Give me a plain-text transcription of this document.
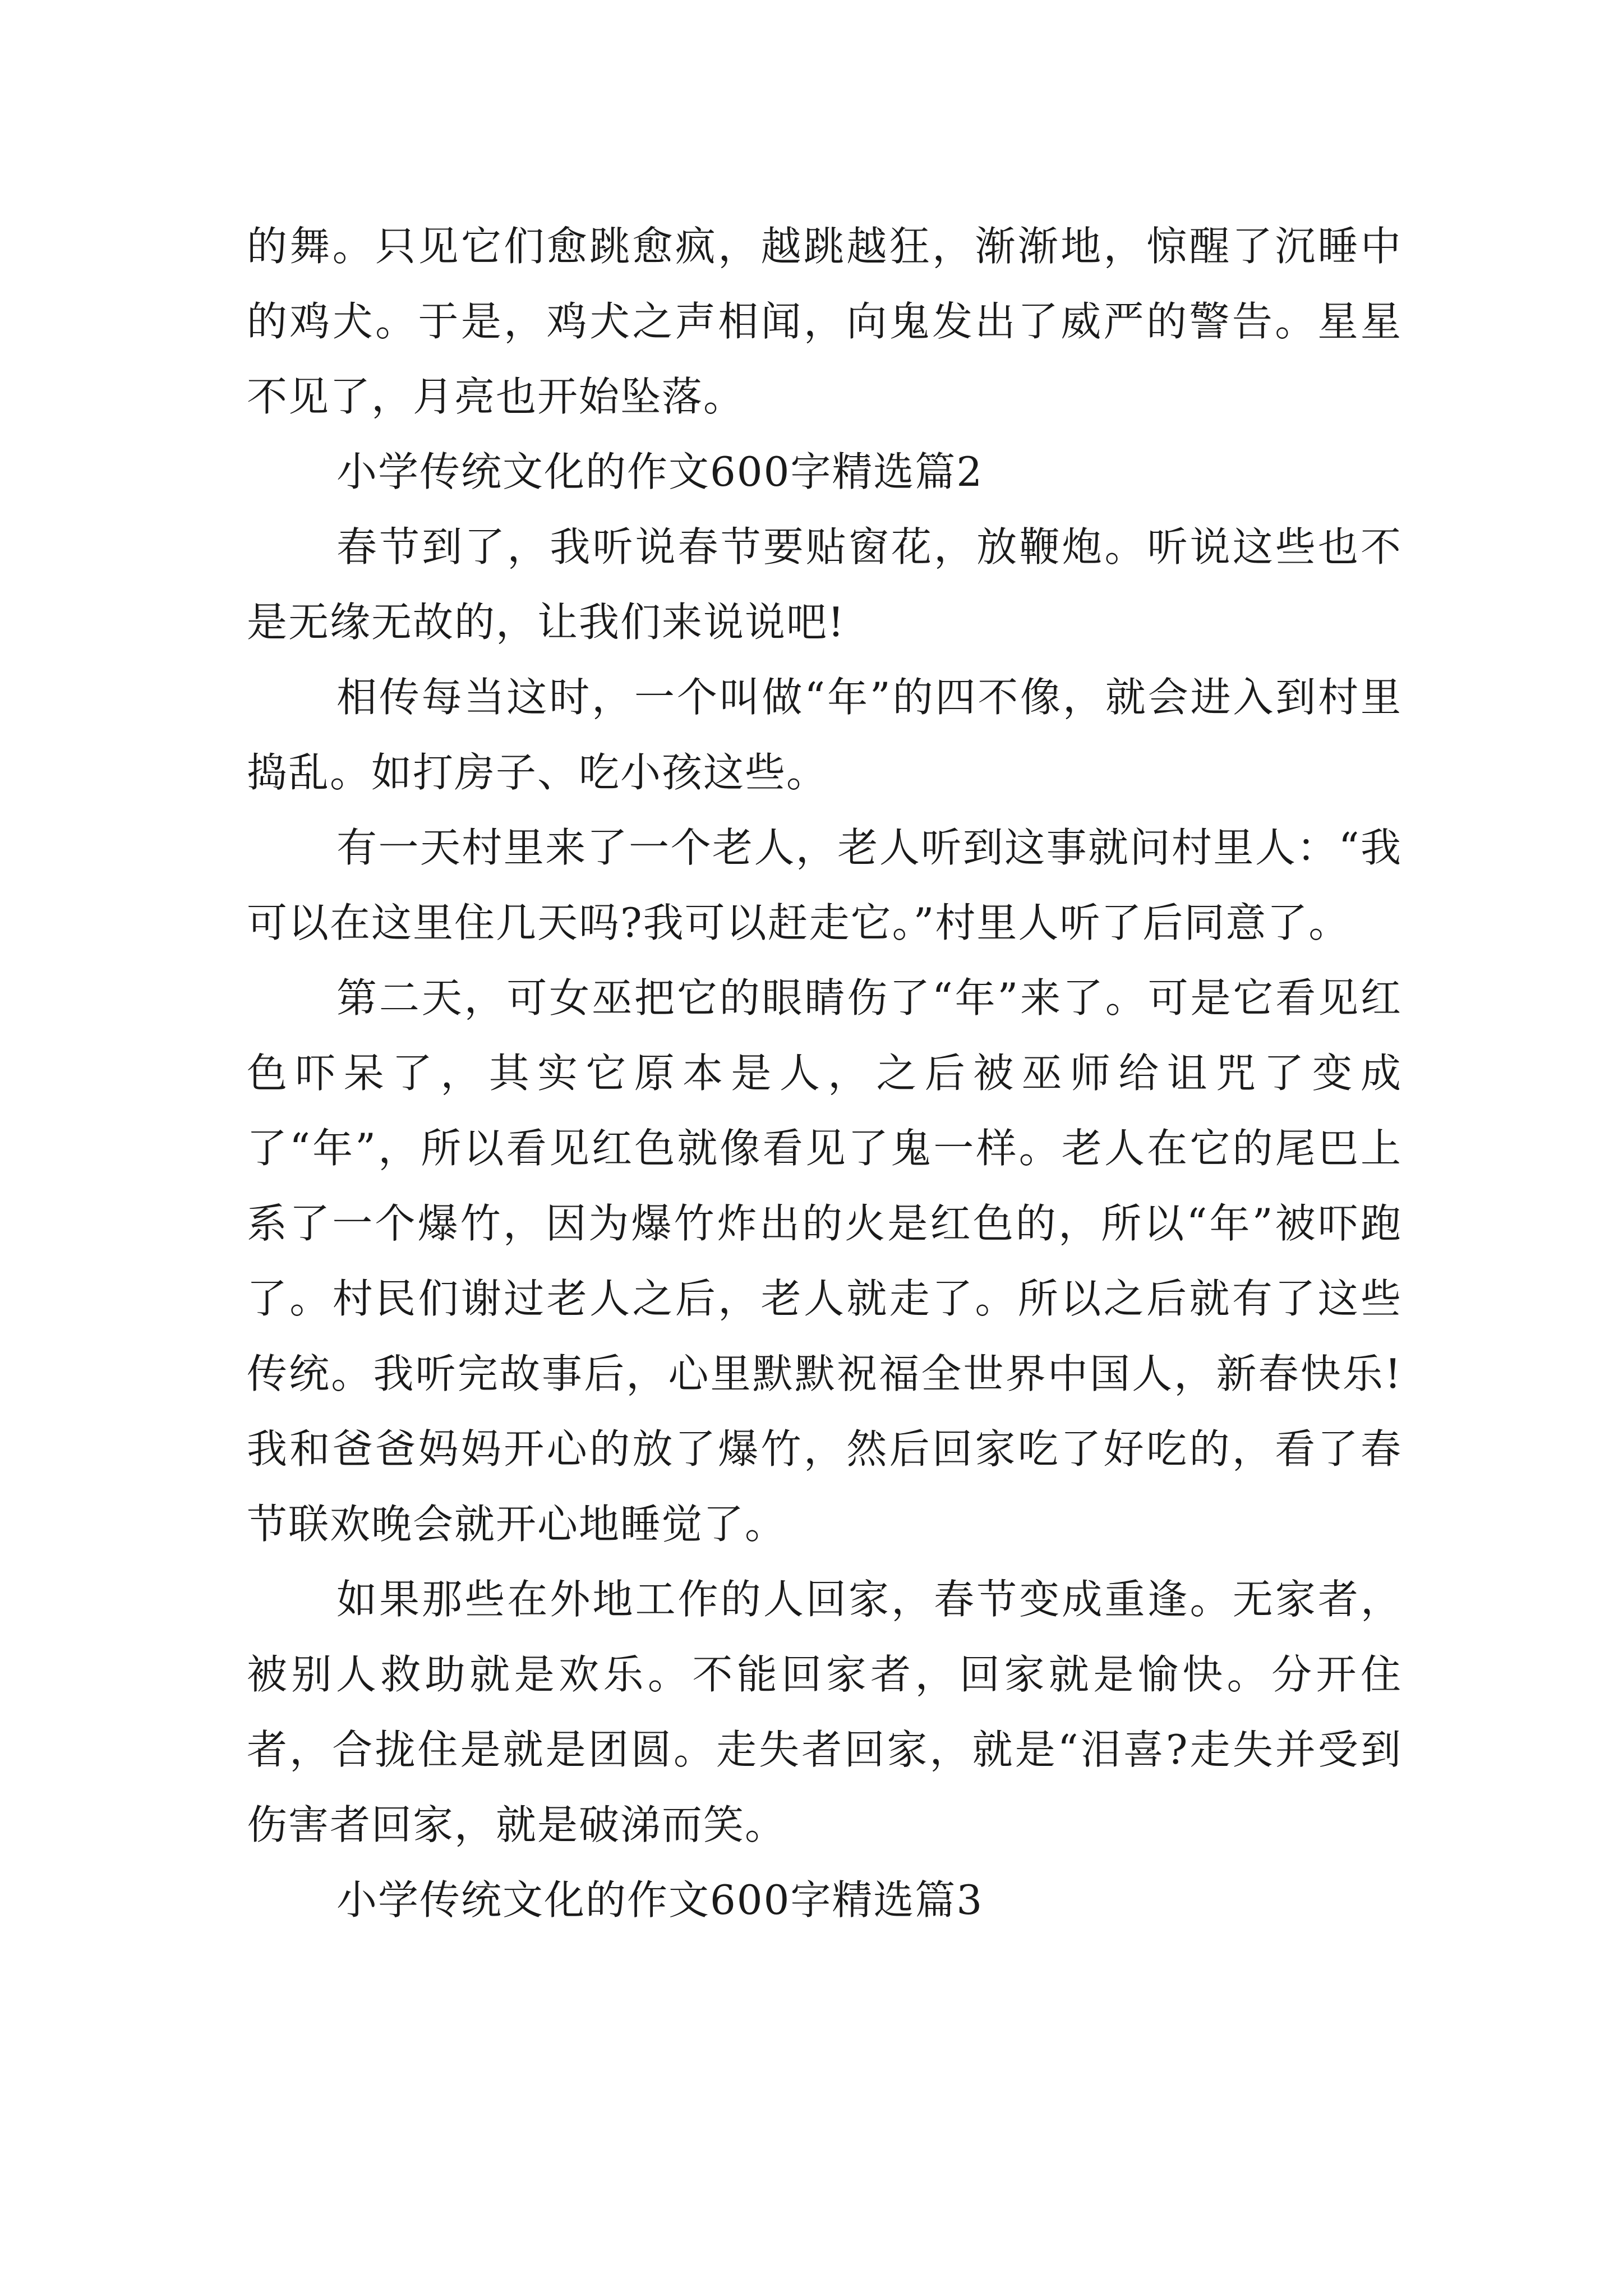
的舞。只见它们愈跳愈疯，越跳越狂，渐渐地，惊醒了沉睡中的鸡犬。于是，鸡犬之声相闻，向鬼发出了威严的警告。星星不见了，月亮也开始坠落。

小学传统文化的作文600字精选篇2

春节到了，我听说春节要贴窗花，放鞭炮。听说这些也不是无缘无故的，让我们来说说吧!

相传每当这时，一个叫做“年”的四不像，就会进入到村里捣乱。如打房子、吃小孩这些。

有一天村里来了一个老人，老人听到这事就问村里人：“我可以在这里住几天吗?我可以赶走它。”村里人听了后同意了。

第二天，可女巫把它的眼睛伤了“年”来了。可是它看见红色吓呆了，其实它原本是人，之后被巫师给诅咒了变成了“年”，所以看见红色就像看见了鬼一样。老人在它的尾巴上系了一个爆竹，因为爆竹炸出的火是红色的，所以“年”被吓跑了。村民们谢过老人之后，老人就走了。所以之后就有了这些传统。我听完故事后，心里默默祝福全世界中国人，新春快乐!我和爸爸妈妈开心的放了爆竹，然后回家吃了好吃的，看了春节联欢晚会就开心地睡觉了。

如果那些在外地工作的人回家，春节变成重逢。无家者，被别人救助就是欢乐。不能回家者，回家就是愉快。分开住者，合拢住是就是团圆。走失者回家，就是“泪喜?走失并受到伤害者回家，就是破涕而笑。

小学传统文化的作文600字精选篇3
